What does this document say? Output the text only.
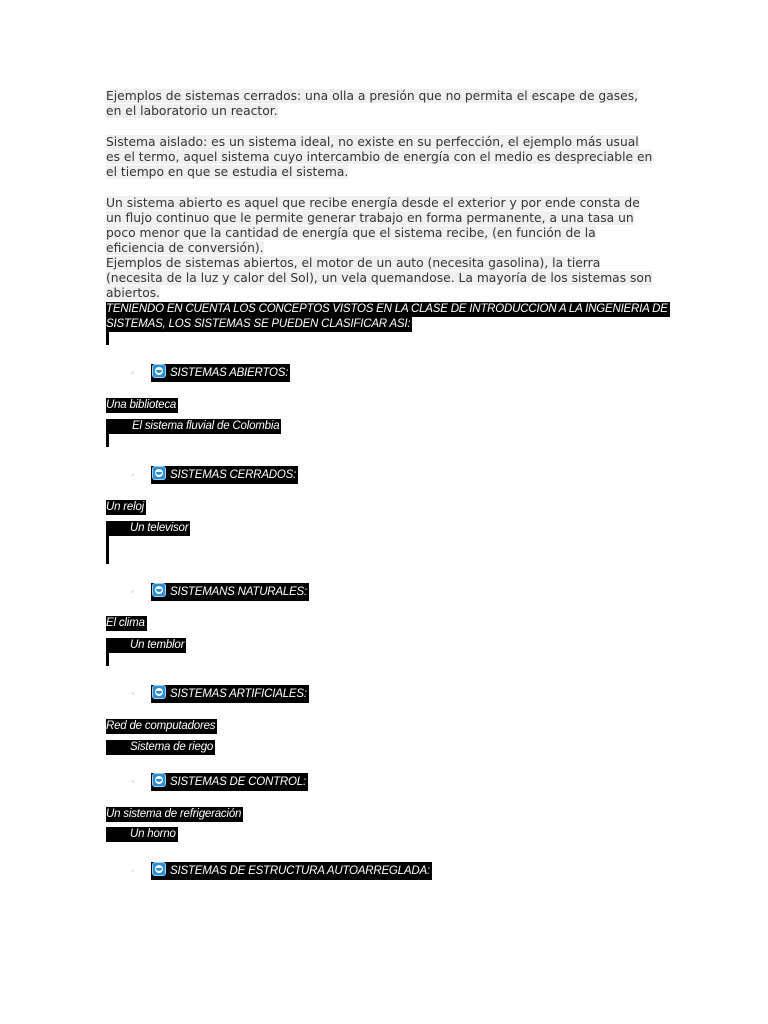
Ejemplos de sistemas cerrados: una olla a presión que no permita el escape de gases, en el laboratorio un reactor.
Sistema aislado: es un sistema ideal, no existe en su perfección, el ejemplo más usual es el termo, aquel sistema cuyo intercambio de energía con el medio es despreciable en el tiempo en que se estudia el sistema.
Un sistema abierto es aquel que recibe energía desde el exterior y por ende consta de un flujo continuo que le permite generar trabajo en forma permanente, a una tasa un poco menor que la cantidad de energía que el sistema recibe, (en función de la eficiencia de conversión).
Ejemplos de sistemas abiertos, el motor de un auto (necesita gasolina), la tierra (necesita de la luz y calor del Sol), un vela quemandose. La mayoría de los sistemas son abiertos.
TENIENDO EN CUENTA LOS CONCEPTOS VISTOS EN LA CLASE DE INTRODUCCION A LA INGENIERIA DE
SISTEMAS, LOS SISTEMAS SE PUEDEN CLASIFICAR ASI:
•	SISTEMAS ABIERTOS:
Una biblioteca
El sistema fluvial de Colombia
•	SISTEMAS CERRADOS:
Un reloj
Un televisor
•	SISTEMANS NATURALES:
El clima
Un temblor
•	SISTEMAS ARTIFICIALES:
Red de computadores
Sistema de riego
•	SISTEMAS DE CONTROL:
Un sistema de refrigeración
Un horno
•	SISTEMAS DE ESTRUCTURA AUTOARREGLADA:
